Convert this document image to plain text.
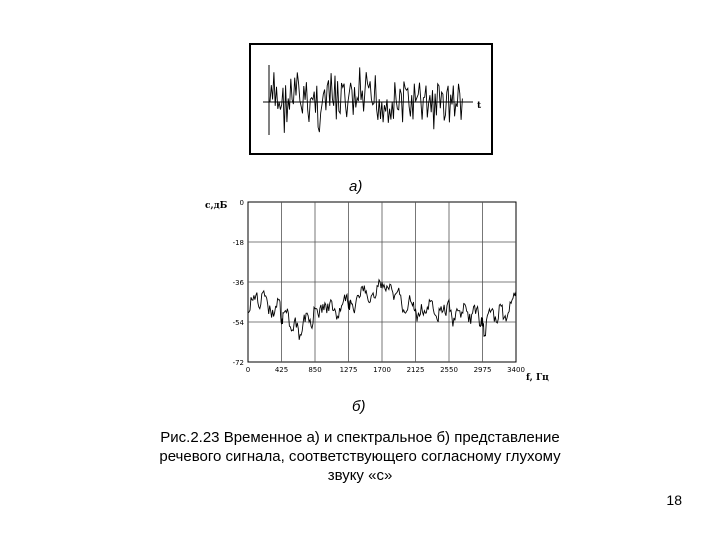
t
а)
c,дБ
f, Гц
0	425	850	1275 1700 2125 2550 2975 3400
0
-18
-36
-54
-72
б)
Рис.2.23 Временное а) и спектральное б) представление
речевого сигнала, соответствующего согласному глухому
звуку «с»
18
